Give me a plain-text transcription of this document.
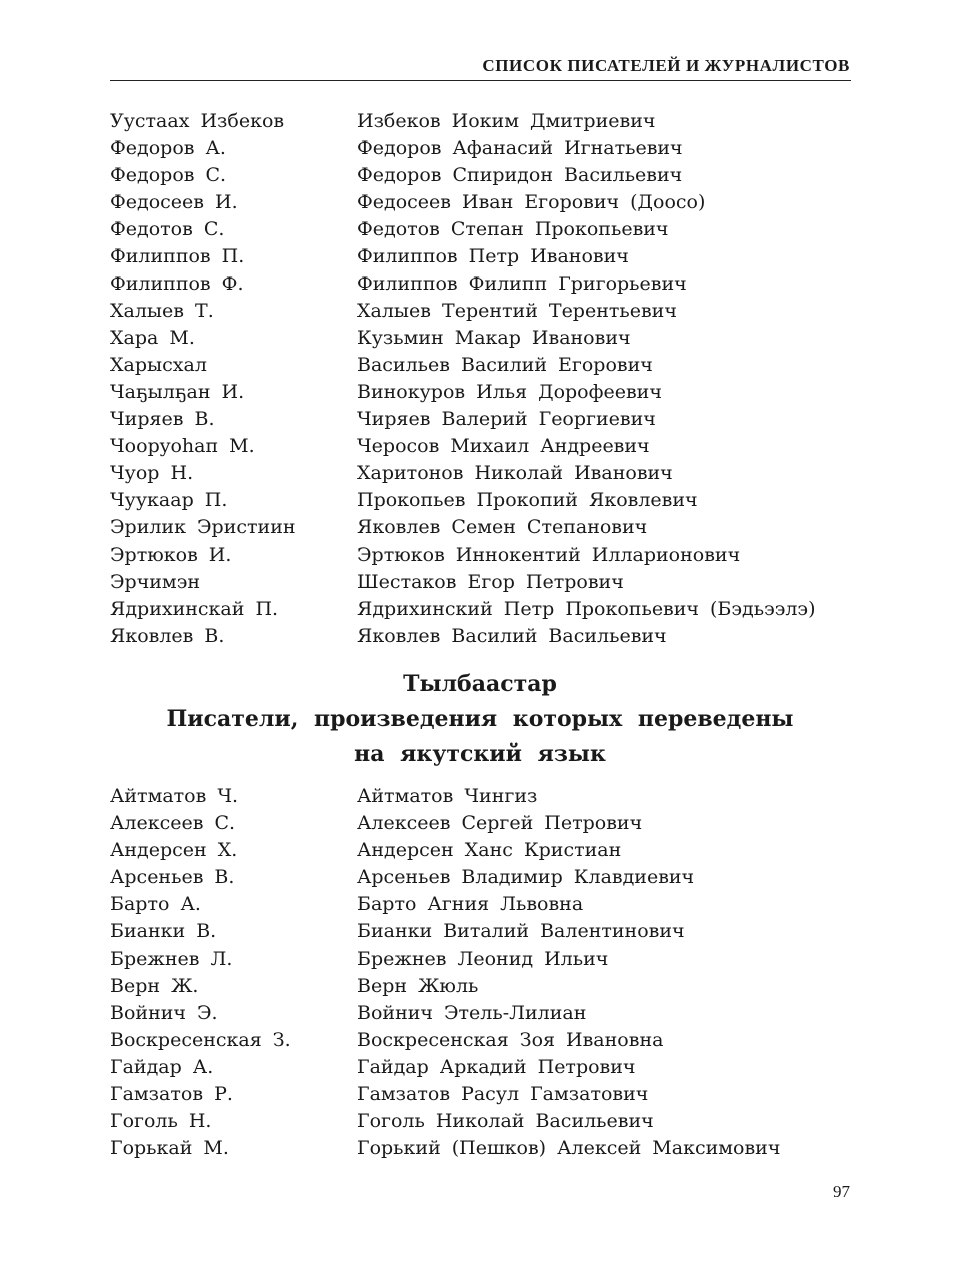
СПИСОК ПИСАТЕЛЕЙ И ЖУРНАЛИСТОВ
Уустаах Избеков	Избеков Иоким Дмитриевич
Федоров А.	Федоров Афанасий Игнатьевич
Федоров С.	Федоров Спиридон Васильевич
Федосеев И.	Федосеев Иван Егорович (Доосо)
Федотов С.	Федотов Степан Прокопьевич
Филиппов П.	Филиппов Петр Иванович
Филиппов Ф.	Филиппов Филипп Григорьевич
Халыев Т.	Халыев Терентий Терентьевич
Хара М.	Кузьмин Макар Иванович
Харысхал	Васильев Василий Егорович
Чаҕылҕан И.	Винокуров Илья Дорофеевич
Чиряев В.	Чиряев Валерий Георгиевич
Чоорyоhап М.	Черосов Михаил Андреевич
Чуор Н.	Харитонов Николай Иванович
Чуукаар П.	Прокопьев Прокопий Яковлевич
Эрилик Эристиин	Яковлев Семен Степанович
Эртюков И.	Эртюков Иннокентий Илларионович
Эрчимэн	Шестаков Егор Петрович
Ядрихинскай П.	Ядрихинский Петр Прокопьевич (Бэдьээлэ)
Яковлев В.	Яковлев Василий Васильевич
Тылбаастар
Писатели, произведения которых переведены
на якутский язык
Айтматов Ч.	Айтматов Чингиз
Алексеев С.	Алексеев Сергей Петрович
Андерсен Х.	Андерсен Ханс Кристиан
Арсеньев В.	Арсеньев Владимир Клавдиевич
Барто А.	Барто Агния Львовна
Бианки В.	Бианки Виталий Валентинович
Брежнев Л.	Брежнев Леонид Ильич
Верн Ж.	Верн Жюль
Войнич Э.	Войнич Этель-Лилиан
Воскресенская З.	Воскресенская Зоя Ивановна
Гайдар А.	Гайдар Аркадий Петрович
Гамзатов Р.	Гамзатов Расул Гамзатович
Гоголь Н.	Гоголь Николай Васильевич
Горькай М.	Горький (Пешков) Алексей Максимович
97
